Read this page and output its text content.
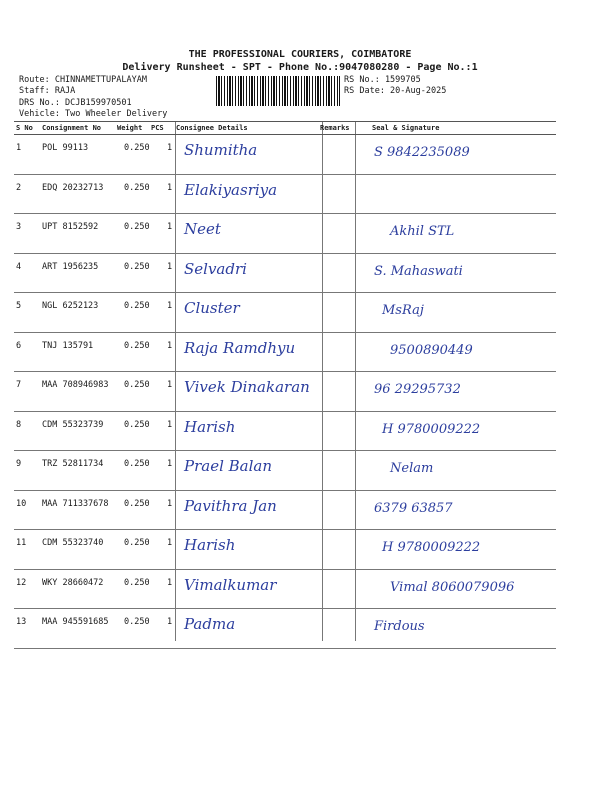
THE PROFESSIONAL COURIERS, COIMBATORE
Delivery Runsheet - SPT - Phone No.:9047080280 - Page No.:1
Route: CHINNAMETTUPALAYAM
Staff: RAJA
DRS No.: DCJB159970501
Vehicle: Two Wheeler Delivery
RS No.: 1599705
RS Date: 20-Aug-2025
S No Consignment No Weight PCS Consignee Details	Remarks	Seal & Signature
1 POL 99113	0.250 1 Shumitha	S 9842235089
2 EDQ 20232713 0.250 1 Elakiyasriya
3 UPT 8152592	0.250 1 Neet	Akhil STL
4 ART 1956235	0.250 1 Selvadri	S. Mahaswati
5 NGL 6252123	0.250 1 Cluster	MsRaj
6 TNJ 135791	0.250 1 Raja Ramdhyu	9500890449
7 MAA 708946983 0.250 1 Vivek Dinakaran	96 29295732
8 CDM 55323739 0.250 1 Harish	H 9780009222
9 TRZ 52811734 0.250 1 Prael Balan	Nelam
10 MAA 711337678 0.250 1 Pavithra Jan	6379 63857
11 CDM 55323740 0.250 1 Harish	H 9780009222
12 WKY 28660472 0.250 1 Vimalkumar	Vimal 8060079096
13 MAA 945591685 0.250 1 Padma	Firdous
